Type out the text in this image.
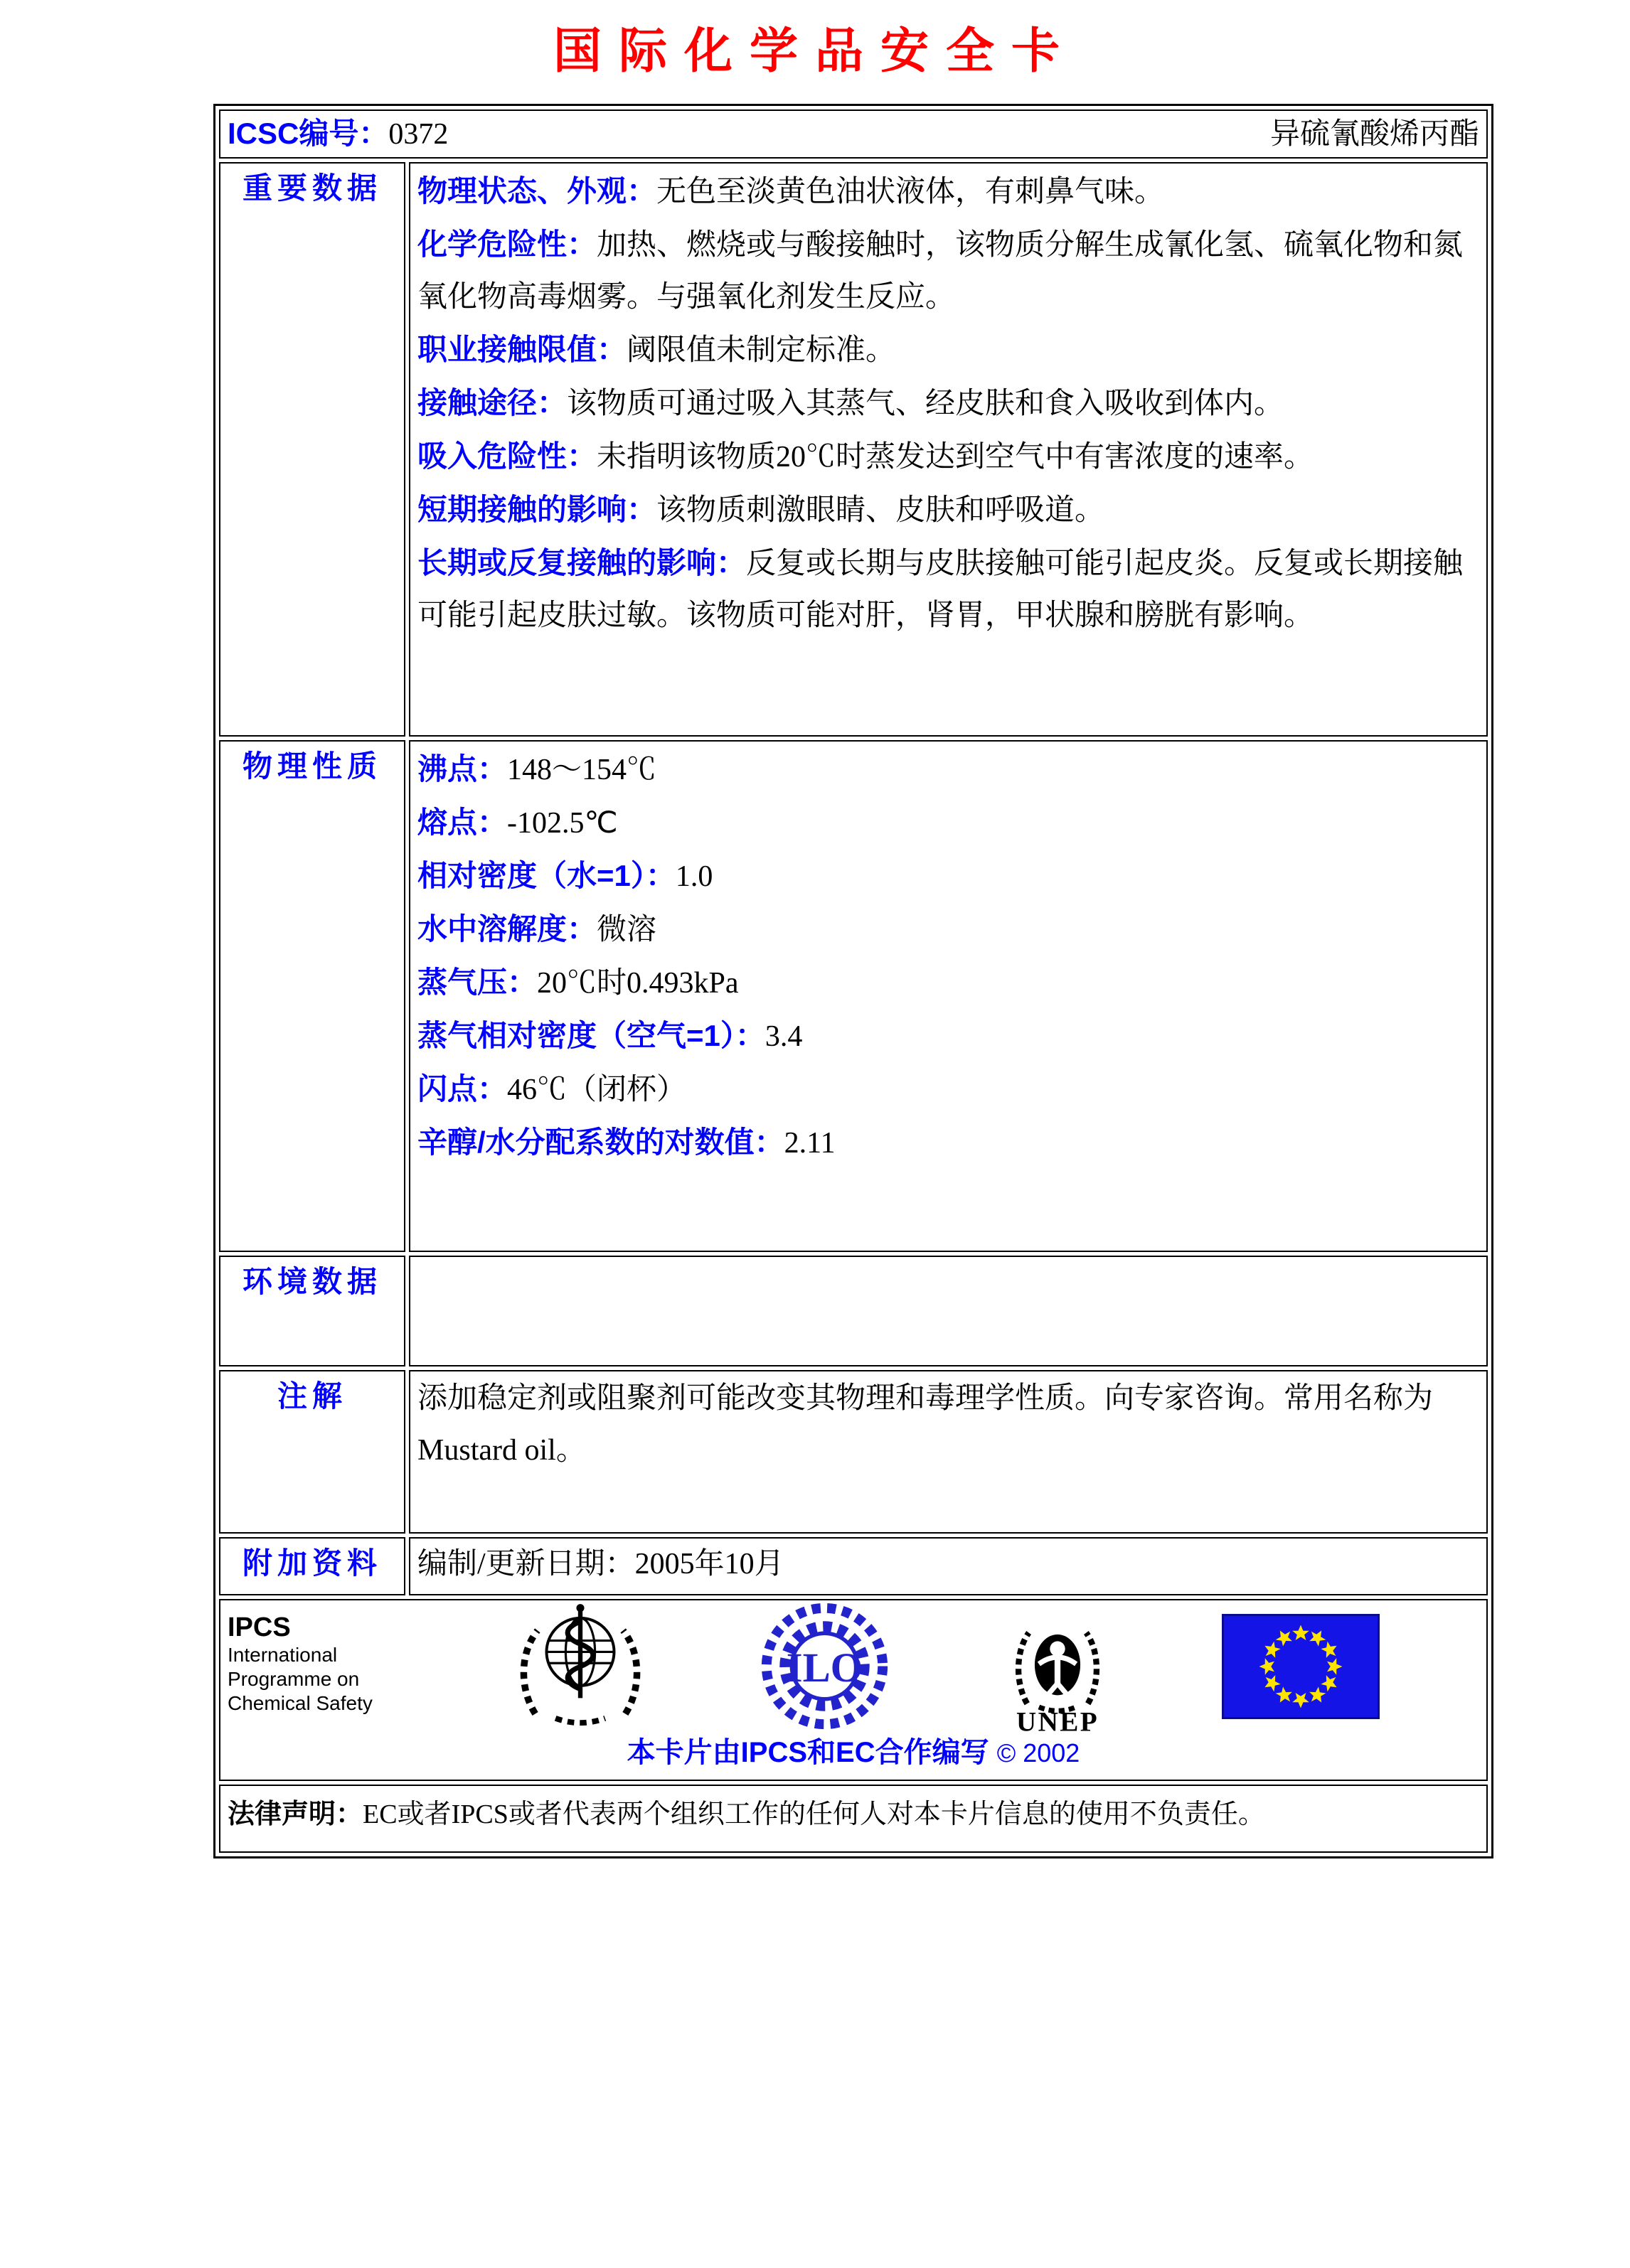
国际化学品安全卡
ICSC编号：0372 异硫氰酸烯丙酯	

重要数据	物理状态、外观：无色至淡黄色油状液体，有刺鼻气味。

化学危险性：加热、燃烧或与酸接触时，该物质分解生成氰化氢、硫氧化物和氮氧化物高毒烟雾。与强氧化剂发生反应。

职业接触限值：阈限值未制定标准。

接触途径：该物质可通过吸入其蒸气、经皮肤和食入吸收到体内。

吸入危险性：未指明该物质20℃时蒸发达到空气中有害浓度的速率。

短期接触的影响：该物质刺激眼睛、皮肤和呼吸道。

长期或反复接触的影响：反复或长期与皮肤接触可能引起皮炎。反复或长期接触可能引起皮肤过敏。该物质可能对肝，肾胃，甲状腺和膀胱有影响。

物理性质	沸点：148～154℃

熔点：-102.5℃

相对密度（水=1）：1.0

水中溶解度：微溶

蒸气压：20℃时0.493kPa

蒸气相对密度（空气=1）：3.4

闪点：46℃（闭杯）

辛醇/水分配系数的对数值：2.11

环境数据	
注解	添加稳定剂或阻聚剂可能改变其物理和毒理学性质。向专家咨询。常用名称为Mustard oil。

附加资料	编制/更新日期：2005年10月

IPCS
International
Programme on
Chemical Safety
ILO
UNEP
本卡片由IPCS和EC合作编写 © 2002

法律声明：EC或者IPCS或者代表两个组织工作的任何人对本卡片信息的使用不负责任。	
